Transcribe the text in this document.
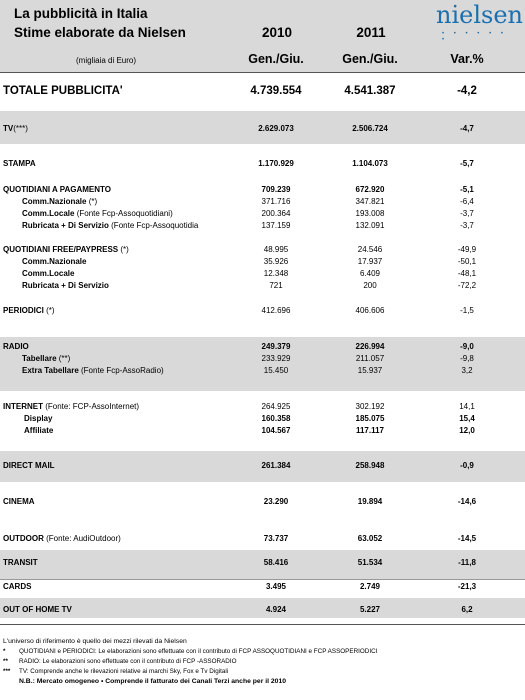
La pubblicità in Italia
Stime elaborate da Nielsen
(migliaia di Euro)
2010	2011
Gen./Giu.	Gen./Giu.	Var.%
nielsen
• • • • • • •
TOTALE PUBBLICITA'	4.739.554	4.541.387	-4,2
TV(***)	2.629.073	2.506.724	-4,7
STAMPA	1.170.929	1.104.073	-5,7
QUOTIDIANI A PAGAMENTO	709.239	672.920	-5,1
Comm.Nazionale (*)	371.716	347.821	-6,4
Comm.Locale (Fonte Fcp-Assoquotidiani)	200.364	193.008	-3,7
Rubricata + Di Servizio (Fonte Fcp-Assoquotidia	137.159	132.091	-3,7
QUOTIDIANI FREE/PAYPRESS (*)	48.995	24.546	-49,9
Comm.Nazionale	35.926	17.937	-50,1
Comm.Locale	12.348	6.409	-48,1
Rubricata + Di Servizio	721	200	-72,2
PERIODICI (*)	412.696	406.606	-1,5
RADIO	249.379	226.994	-9,0
Tabellare (**)	233.929	211.057	-9,8
Extra Tabellare (Fonte Fcp-AssoRadio)	15.450	15.937	3,2
INTERNET (Fonte: FCP-AssoInternet)	264.925	302.192	14,1
Display	160.358	185.075	15,4
Affiliate	104.567	117.117	12,0
DIRECT MAIL	261.384	258.948	-0,9
CINEMA	23.290	19.894	-14,6
OUTDOOR (Fonte: AudiOutdoor)	73.737	63.052	-14,5
TRANSIT	58.416	51.534	-11,8
CARDS	3.495	2.749	-21,3
OUT OF HOME TV	4.924	5.227	6,2
L'universo di riferimento è quello dei mezzi rilevati da Nielsen
* QUOTIDIANI e PERIODICI: Le elaborazioni sono effettuate con il contributo di FCP ASSOQUOTIDIANI e FCP ASSOPERIODICI
** RADIO: Le elaborazioni sono effettuate con il contributo di FCP -ASSORADIO
*** TV: Comprende anche le rilevazioni relative ai marchi Sky, Fox e Tv Digitali
N.B.: Mercato omogeneo • Comprende il fatturato dei Canali Terzi anche per il 2010
